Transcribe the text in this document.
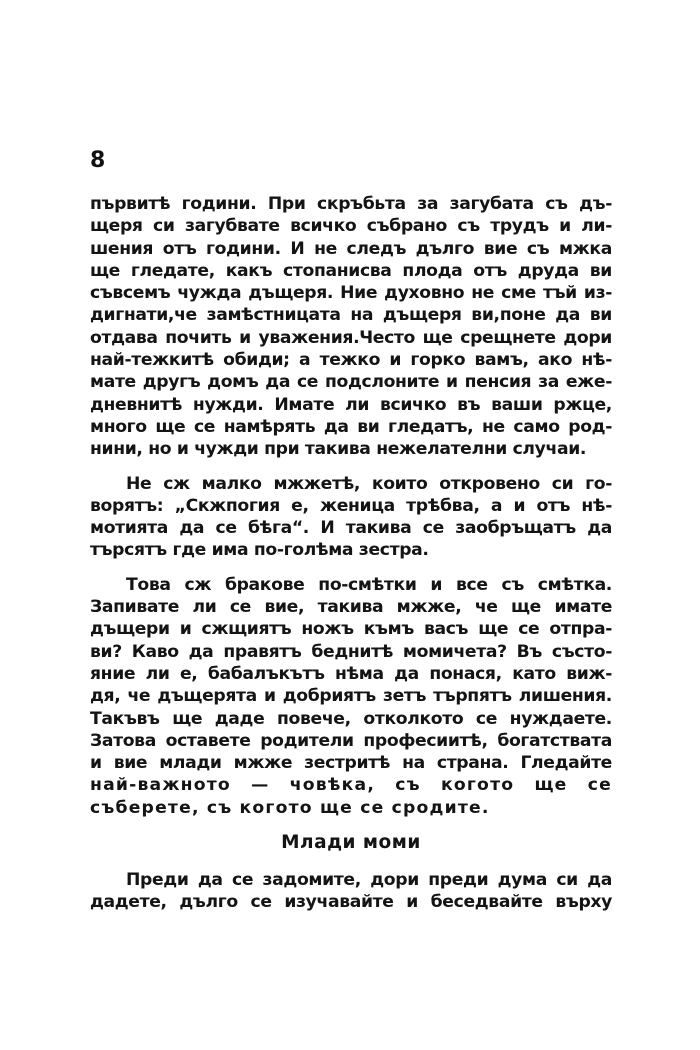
8
първитѣ години. При скръбьта за загубата съ дъ-
щеря си загубвате всичко събрано съ трудъ и ли-
шения отъ години. И не следъ дълго вие съ мжка
ще гледате, какъ стопанисва плода отъ друда ви
съвсемъ чужда дъщеря. Ние духовно не сме тъй из-
дигнати,че замѣстницата на дъщеря ви,поне да ви
отдава почить и уважения.Често ще срещнете дори
най-тежкитѣ обиди; а тежко и горко вамъ, ако нѣ-
мате другъ домъ да се подслоните и пенсия за еже-
дневнитѣ нужди. Имате ли всичко въ ваши ржце,
много ще се намѣрять да ви гледатъ, не само род-
нини, но и чужди при такива нежелателни случаи.
Не сж малко мжжетѣ, които откровено си го-
ворятъ: „Скжпогия е, женица трѣбва, а и отъ нѣ-
мотията да се бѣга“. И такива се заобръщатъ да
търсятъ где има по-голѣма зестра.
Това сж бракове по-смѣтки и все съ смѣтка.
Запивате ли се вие, такива мжже, че ще имате
дъщери и сжщиятъ ножъ къмъ васъ ще се отпра-
ви? Каво да правятъ беднитѣ момичета? Въ състо-
яние ли е, бабалъкътъ нѣма да понася, като виж-
дя, че дъщерята и добриятъ зетъ търпятъ лишения.
Такъвъ ще даде повече, отколкото се нуждаете.
Затова оставете родители професиитѣ, богатствата
и вие млади мжже зестритѣ на страна. Гледайте
най-важното — човѣка, съ когото ще се
съберете, съ когото ще се сродите.
Млади моми
Преди да се задомите, дори преди дума си да
дадете, дълго се изучавайте и беседвайте върху
